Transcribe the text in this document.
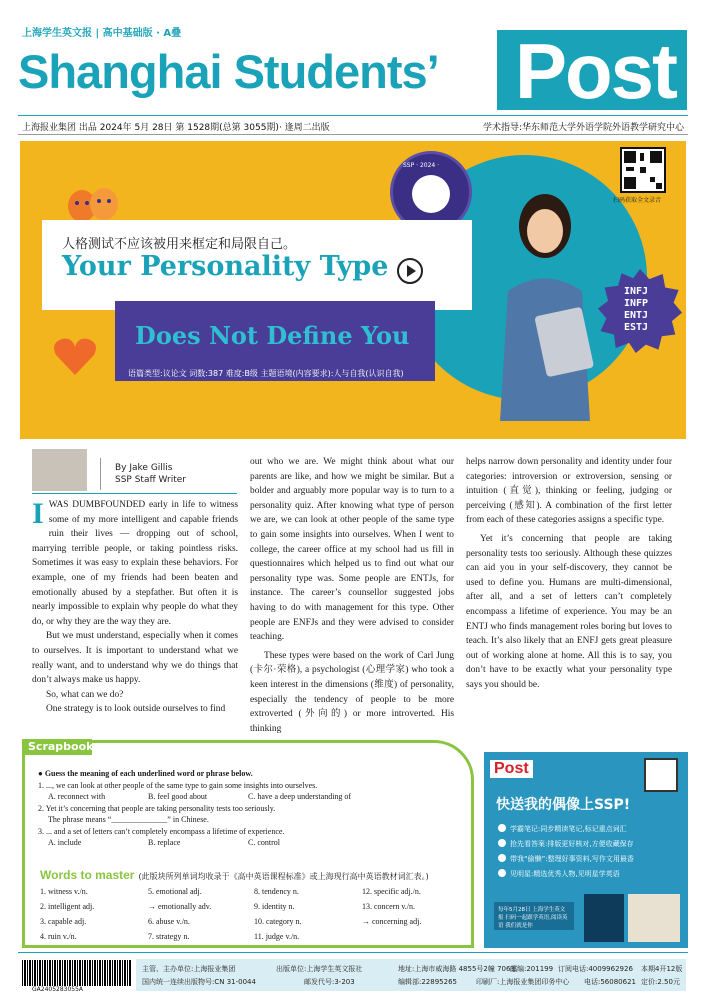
上海学生英文报 | 高中基础版 · A叠
Shanghai Students’ Post
上海报业集团 出品 2024年 5月 28日 第 1528期(总第 3055期)· 逢周二出版	学术指导:华东师范大学外语学院外语教学研究中心
SSP · 2024 ·
扫码获取全文录音
人格测试不应该被用来框定和局限自己。
Your Personality Type
Does Not Define You
语篇类型:议论文 词数:387 难度:B级 主题语境(内容要求):人与自我(认识自我)
INFJ
INFP
ENTJ
ESTJ
By Jake Gillis
SSP Staff Writer
I WAS DUMBFOUNDED early in life to witness some of my more intelligent and capable friends ruin their lives — dropping out of school, marrying terrible people, or taking pointless risks. Sometimes it was easy to explain these behaviors. For example, one of my friends had been beaten and emotionally abused by a stepfather. But often it is nearly impossible to explain why people do what they do, or why they are the way they are.

But we must understand, especially when it comes to ourselves. It is important to understand what we really want, and to understand why we do things that don’t always make us happy.

So, what can we do?

One strategy is to look outside ourselves to find

out who we are. We might think about what our parents are like, and how we might be similar. But a bolder and arguably more popular way is to turn to a personality quiz. After knowing what type of person we are, we can look at other people of the same type to gain some insights into ourselves. When I went to college, the career office at my school had us fill in questionnaires which helped us to find out what our personality type was. Some people are ENTJs, for instance. The career’s counsellor suggested jobs having to do with management for this type. Other people are ENFJs and they were advised to consider teaching.

These types were based on the work of Carl Jung (卡尔·荣格), a psychologist (心理学家) who took a keen interest in the dimensions (维度) of personality, especially the tendency of people to be more extroverted (外向的) or more introverted. His thinking

helps narrow down personality and identity under four categories: introversion or extroversion, sensing or intuition (直觉), thinking or feeling, judging or perceiving (感知). A combination of the first letter from each of these categories assigns a specific type.

Yet it’s concerning that people are taking personality tests too seriously. Although these quizzes can aid you in your self-discovery, they cannot be used to define you. Humans are multi-dimensional, after all, and a set of letters can’t completely encompass a lifetime of experience. You may be an ENTJ who finds management roles boring but loves to teach. It’s also likely that an ENFJ gets great pleasure out of working alone at home. All this is to say, you don’t have to be exactly what your personality type says you should be.

Scrapbook
● Guess the meaning of each underlined word or phrase below.
1. ..., we can look at other people of the same type to gain some insights into ourselves.
A. reconnect with	B. feel good about	C. have a deep understanding of
2. Yet it’s concerning that people are taking personality tests too seriously.
The phrase means “______________” in Chinese.
3. ... and a set of letters can’t completely encompass a lifetime of experience.
A. include	B. replace	C. control
Words to master (此版块所列单词均收录于《高中英语课程标准》或上海现行高中英语教材词汇表。)
1. witness v./n.
2. intelligent adj.
3. capable adj.
4. ruin v./n.
5. emotional adj.
→ emotionally adv.
6. abuse v./n.
7. strategy n.
8. tendency n.
9. identity n.
10. category n.
11. judge v./n.
12. specific adj./n.
13. concern v./n.
→ concerning adj.
Post
快送我的偶像上SSP!
学霸笔记:同步精读笔记,标记重点词汇
抢先看答案:排版更好核对,方便收藏保存
带我“偷懒”:整理好事资料,写作文用最香
见明星:精选优秀人物,见明星学英语
每年5月28日 上海学生英文报 扫码一起跟学英语,阅读英语 我们就是你
GA2405283055A
主管、主办单位:上海报业集团	出版单位:上海学生英文报社	地址:上海市威海路 4855号2幢 706室
邮编:201199 订阅电话:4009962926 本期4开12版
国内统一连续出版物号:CN 31-0044	邮发代号:3-203	编辑部:22895265	印刷厂:上海报业集团印务中心 电话:56080621 定价:2.50元
